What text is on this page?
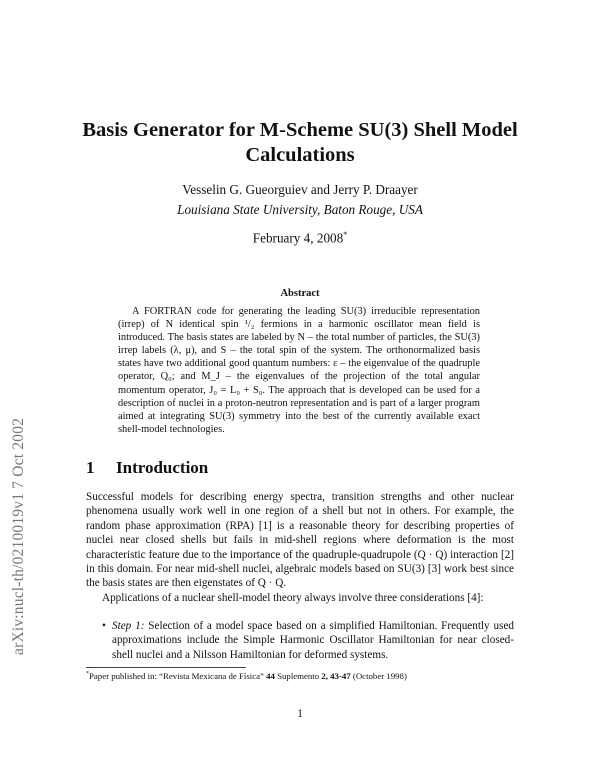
arXiv:nucl-th/0210019v1 7 Oct 2002
Basis Generator for M-Scheme SU(3) Shell Model Calculations
Vesselin G. Gueorguiev and Jerry P. Draayer
Louisiana State University, Baton Rouge, USA
February 4, 2008*
Abstract

A FORTRAN code for generating the leading SU(3) irreducible representation (irrep) of N identical spin ¹/₂ fermions in a harmonic oscillator mean field is introduced. The basis states are labeled by N – the total number of particles, the SU(3) irrep labels (λ, μ), and S – the total spin of the system. The orthonormalized basis states have two additional good quantum numbers: ε – the eigenvalue of the quadruple operator, Q₀; and M_J – the eigenvalues of the projection of the total angular momentum operator, J₀ = L₀ + S₀. The approach that is developed can be used for a description of nuclei in a proton-neutron representation and is part of a larger program aimed at integrating SU(3) symmetry into the best of the currently available exact shell-model technologies.

1 Introduction

Successful models for describing energy spectra, transition strengths and other nuclear phenomena usually work well in one region of a shell but not in others. For example, the random phase approximation (RPA) [1] is a reasonable theory for describing properties of nuclei near closed shells but fails in mid-shell regions where deformation is the most characteristic feature due to the importance of the quadruple-quadrupole (Q · Q) interaction [2] in this domain. For near mid-shell nuclei, algebraic models based on SU(3) [3] work best since the basis states are then eigenstates of Q · Q.

Applications of a nuclear shell-model theory always involve three considerations [4]:

• Step 1: Selection of a model space based on a simplified Hamiltonian. Frequently used approximations include the Simple Harmonic Oscillator Hamiltonian for near closed-shell nuclei and a Nilsson Hamiltonian for deformed systems.
*Paper published in: “Revista Mexicana de Física” 44 Suplemento 2, 43-47 (October 1998)
1
